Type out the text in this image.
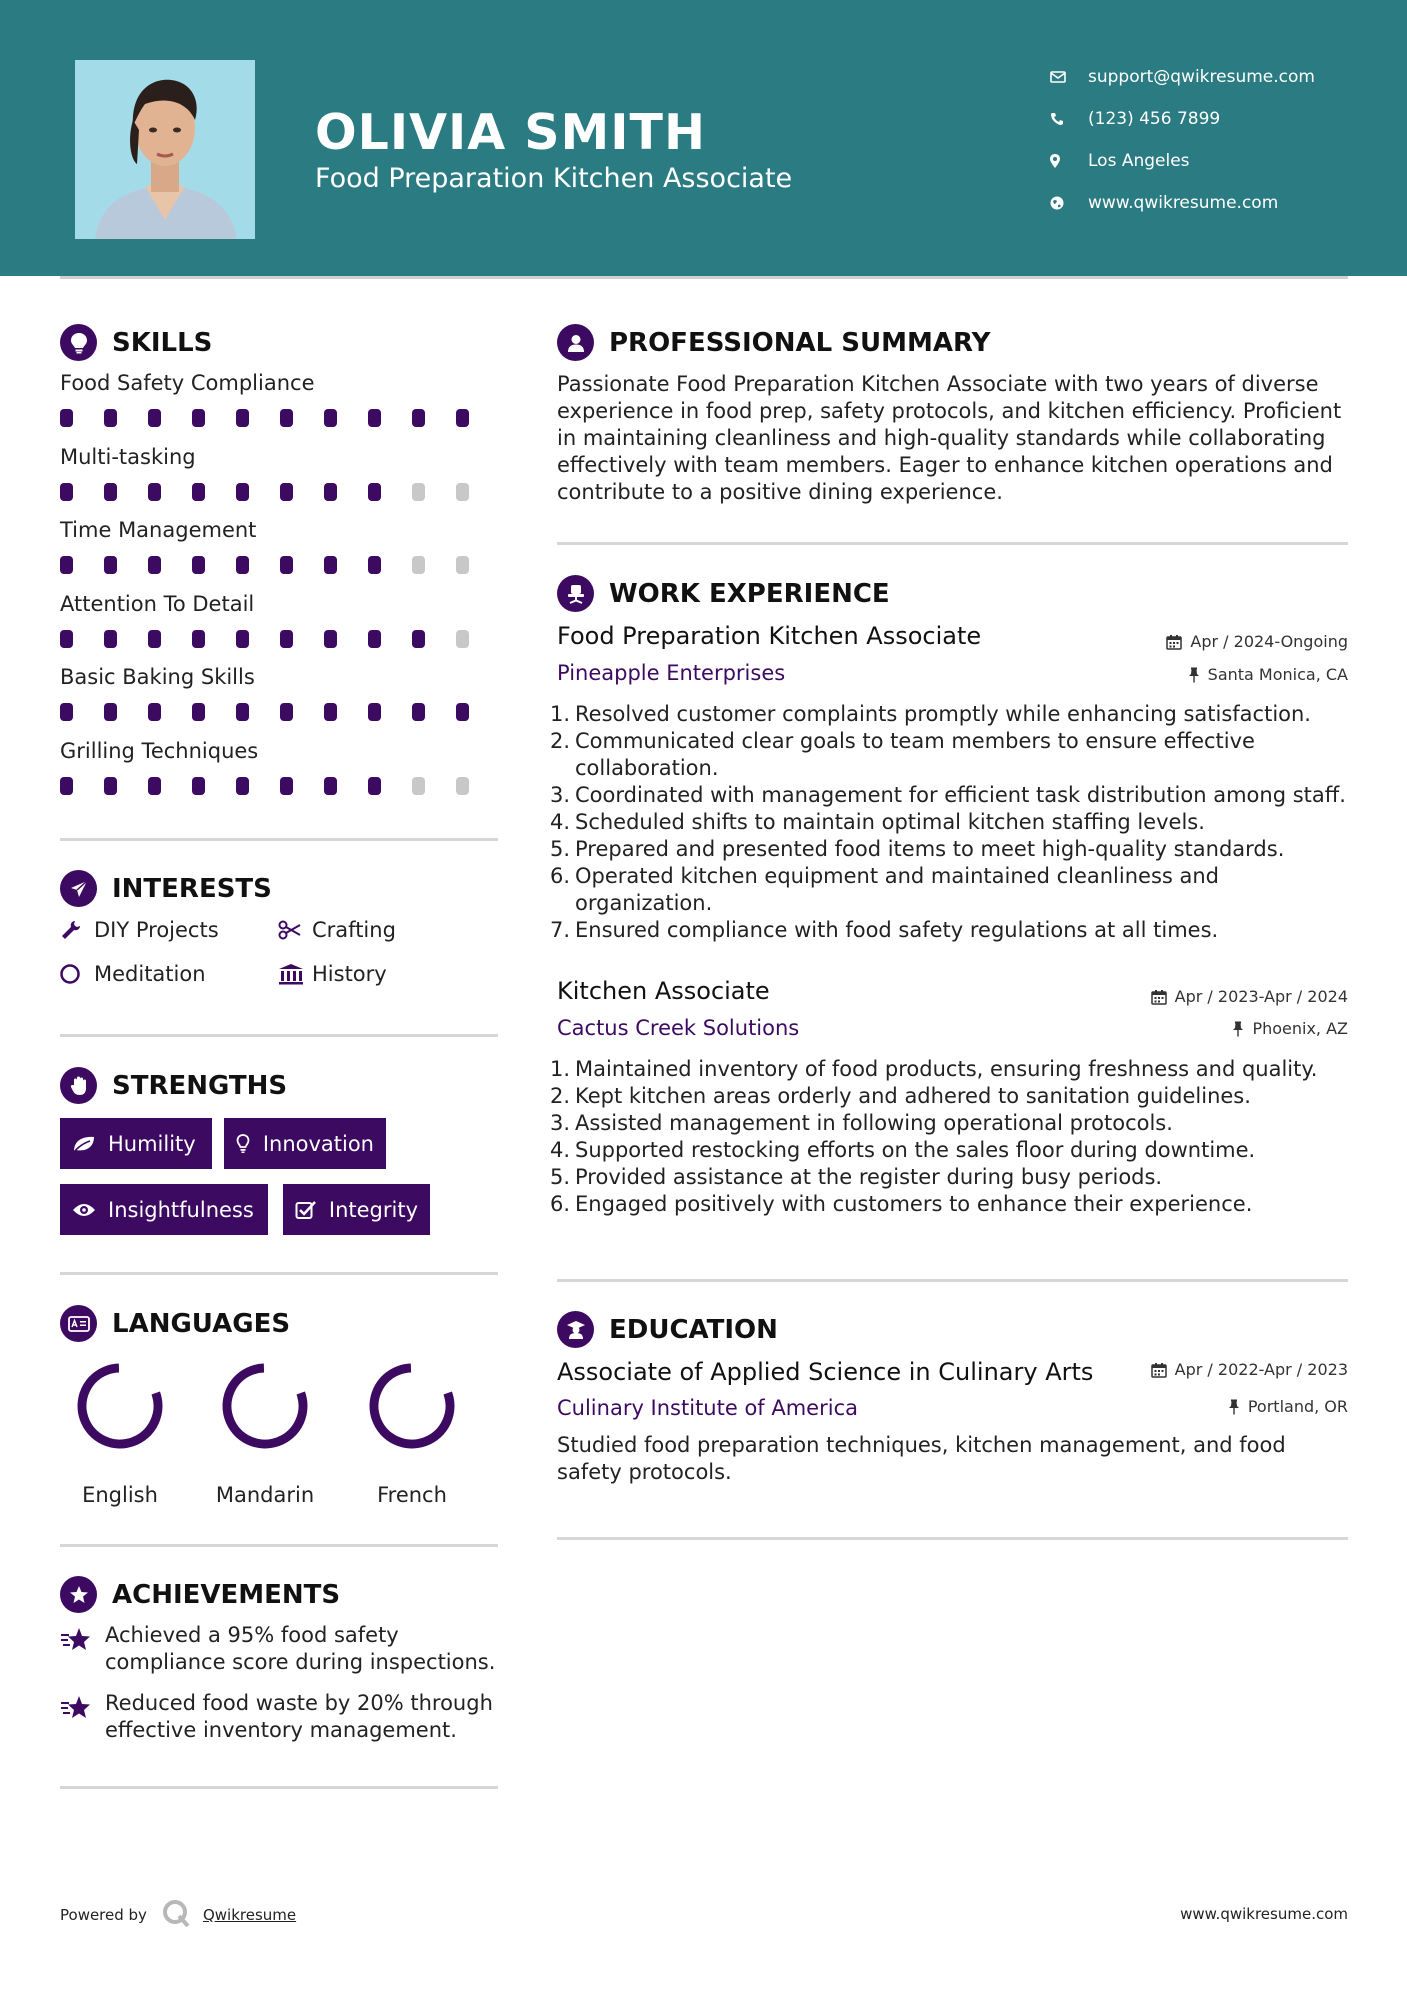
OLIVIA SMITH
Food Preparation Kitchen Associate
support@qwikresume.com
(123) 456 7899
Los Angeles
www.qwikresume.com
SKILLS
Food Safety Compliance
Multi-tasking
Time Management
Attention To Detail
Basic Baking Skills
Grilling Techniques
INTERESTS
DIY Projects	Crafting
Meditation	History
STRENGTHS
Humility	Innovation
Insightfulness	Integrity
LANGUAGES
English	Mandarin	French
ACHIEVEMENTS
Achieved a 95% food safety
compliance score during inspections.
Reduced food waste by 20% through
effective inventory management.
PROFESSIONAL SUMMARY
Passionate Food Preparation Kitchen Associate with two years of diverse
experience in food prep, safety protocols, and kitchen efficiency. Proficient
in maintaining cleanliness and high-quality standards while collaborating
effectively with team members. Eager to enhance kitchen operations and
contribute to a positive dining experience.
WORK EXPERIENCE
Food Preparation Kitchen Associate	Apr / 2024-Ongoing
Pineapple Enterprises	Santa Monica, CA
1. Resolved customer complaints promptly while enhancing satisfaction.
2. Communicated clear goals to team members to ensure effective
collaboration.
3. Coordinated with management for efficient task distribution among staff.
4. Scheduled shifts to maintain optimal kitchen staffing levels.
5. Prepared and presented food items to meet high-quality standards.
6. Operated kitchen equipment and maintained cleanliness and
organization.
7. Ensured compliance with food safety regulations at all times.
Kitchen Associate	Apr / 2023-Apr / 2024
Cactus Creek Solutions	Phoenix, AZ
1. Maintained inventory of food products, ensuring freshness and quality.
2. Kept kitchen areas orderly and adhered to sanitation guidelines.
3. Assisted management in following operational protocols.
4. Supported restocking efforts on the sales floor during downtime.
5. Provided assistance at the register during busy periods.
6. Engaged positively with customers to enhance their experience.
EDUCATION
Associate of Applied Science in Culinary Arts	Apr / 2022-Apr / 2023
Culinary Institute of America	Portland, OR
Studied food preparation techniques, kitchen management, and food
safety protocols.
Powered by	Qwikresume	www.qwikresume.com
